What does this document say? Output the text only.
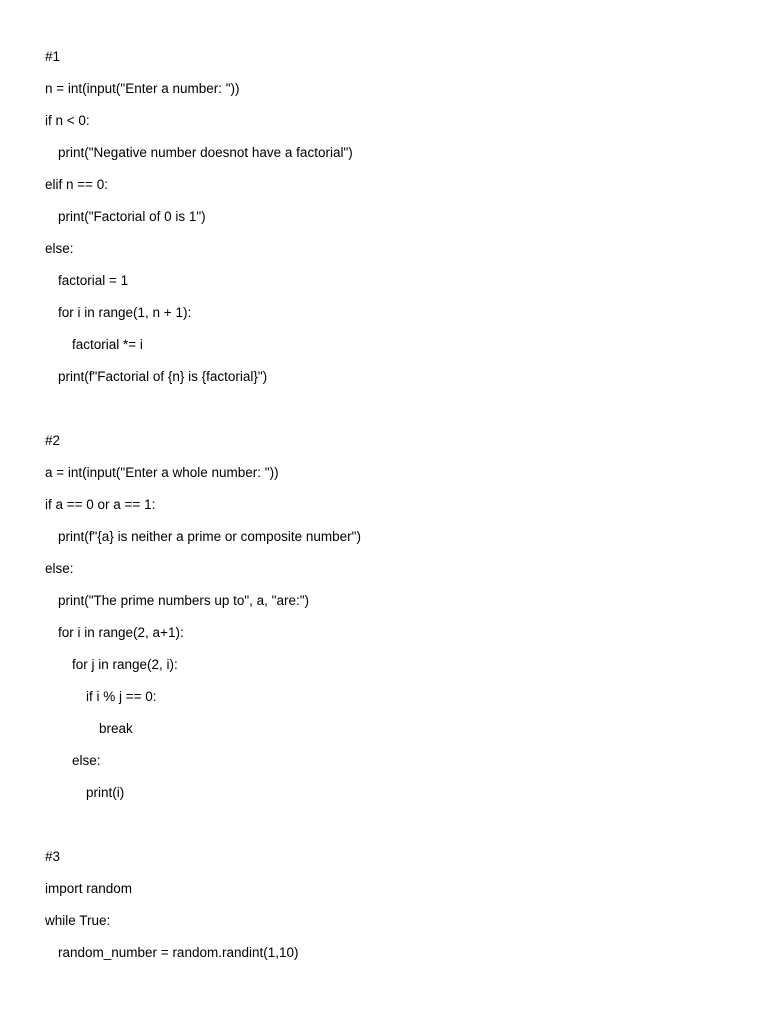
#1
n = int(input("Enter a number: "))
if n < 0:
print("Negative number doesnot have a factorial")
elif n == 0:
print("Factorial of 0 is 1")
else:
factorial = 1
for i in range(1, n + 1):
factorial *= i
print(f"Factorial of {n} is {factorial}")
#2
a = int(input("Enter a whole number: "))
if a == 0 or a == 1:
print(f"{a} is neither a prime or composite number")
else:
print("The prime numbers up to", a, "are:")
for i in range(2, a+1):
for j in range(2, i):
if i % j == 0:
break
else:
print(i)
#3
import random
while True:
random_number = random.randint(1,10)
